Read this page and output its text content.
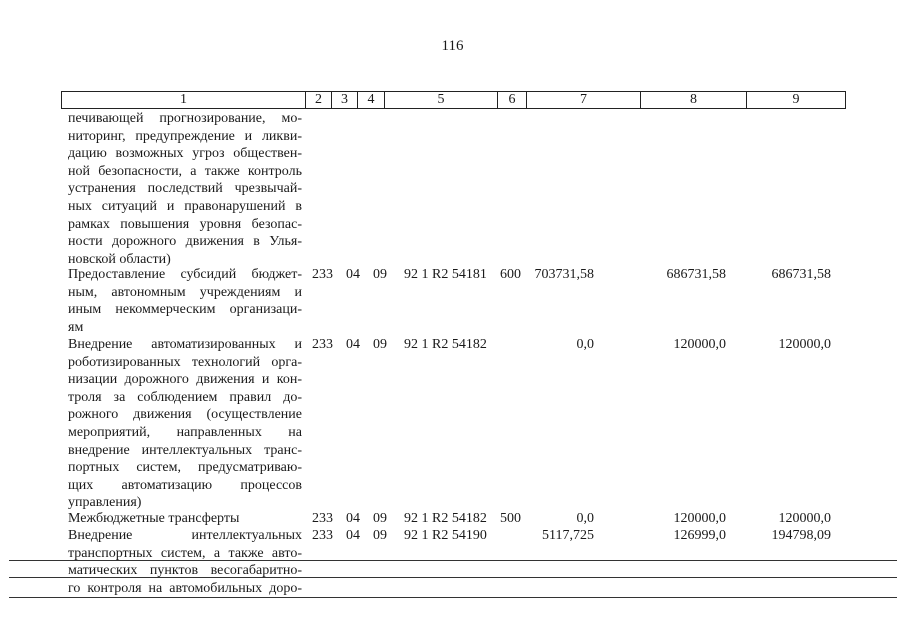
116
1	2	3	4	5	6	7	8	9
печивающей прогнозирование, мо-
ниторинг, предупреждение и ликви-
дацию возможных угроз обществен-
ной безопасности, а также контроль
устранения последствий чрезвычай-
ных ситуаций и правонарушений в
рамках повышения уровня безопас-
ности дорожного движения в Улья-
новской области)
Предоставление субсидий бюджет-
ным, автономным учреждениям и
иным некоммерческим организаци-
ям
233 04 09	92 1 R2 54181 600 703731,58	686731,58	686731,58
Внедрение автоматизированных и
роботизированных технологий орга-
низации дорожного движения и кон-
троля за соблюдением правил до-
рожного движения (осуществление
мероприятий, направленных на
внедрение интеллектуальных транс-
портных систем, предусматриваю-
щих автоматизацию процессов
управления)
233 04 09	92 1 R2 54182	0,0	120000,0	120000,0
Межбюджетные трансферты	233 04 09	92 1 R2 54182 500	0,0	120000,0	120000,0
Внедрение интеллектуальных
транспортных систем, а также авто-
матических пунктов весогабаритно-
го контроля на автомобильных доро-
233 04 09	92 1 R2 54190	5117,725	126999,0	194798,09
